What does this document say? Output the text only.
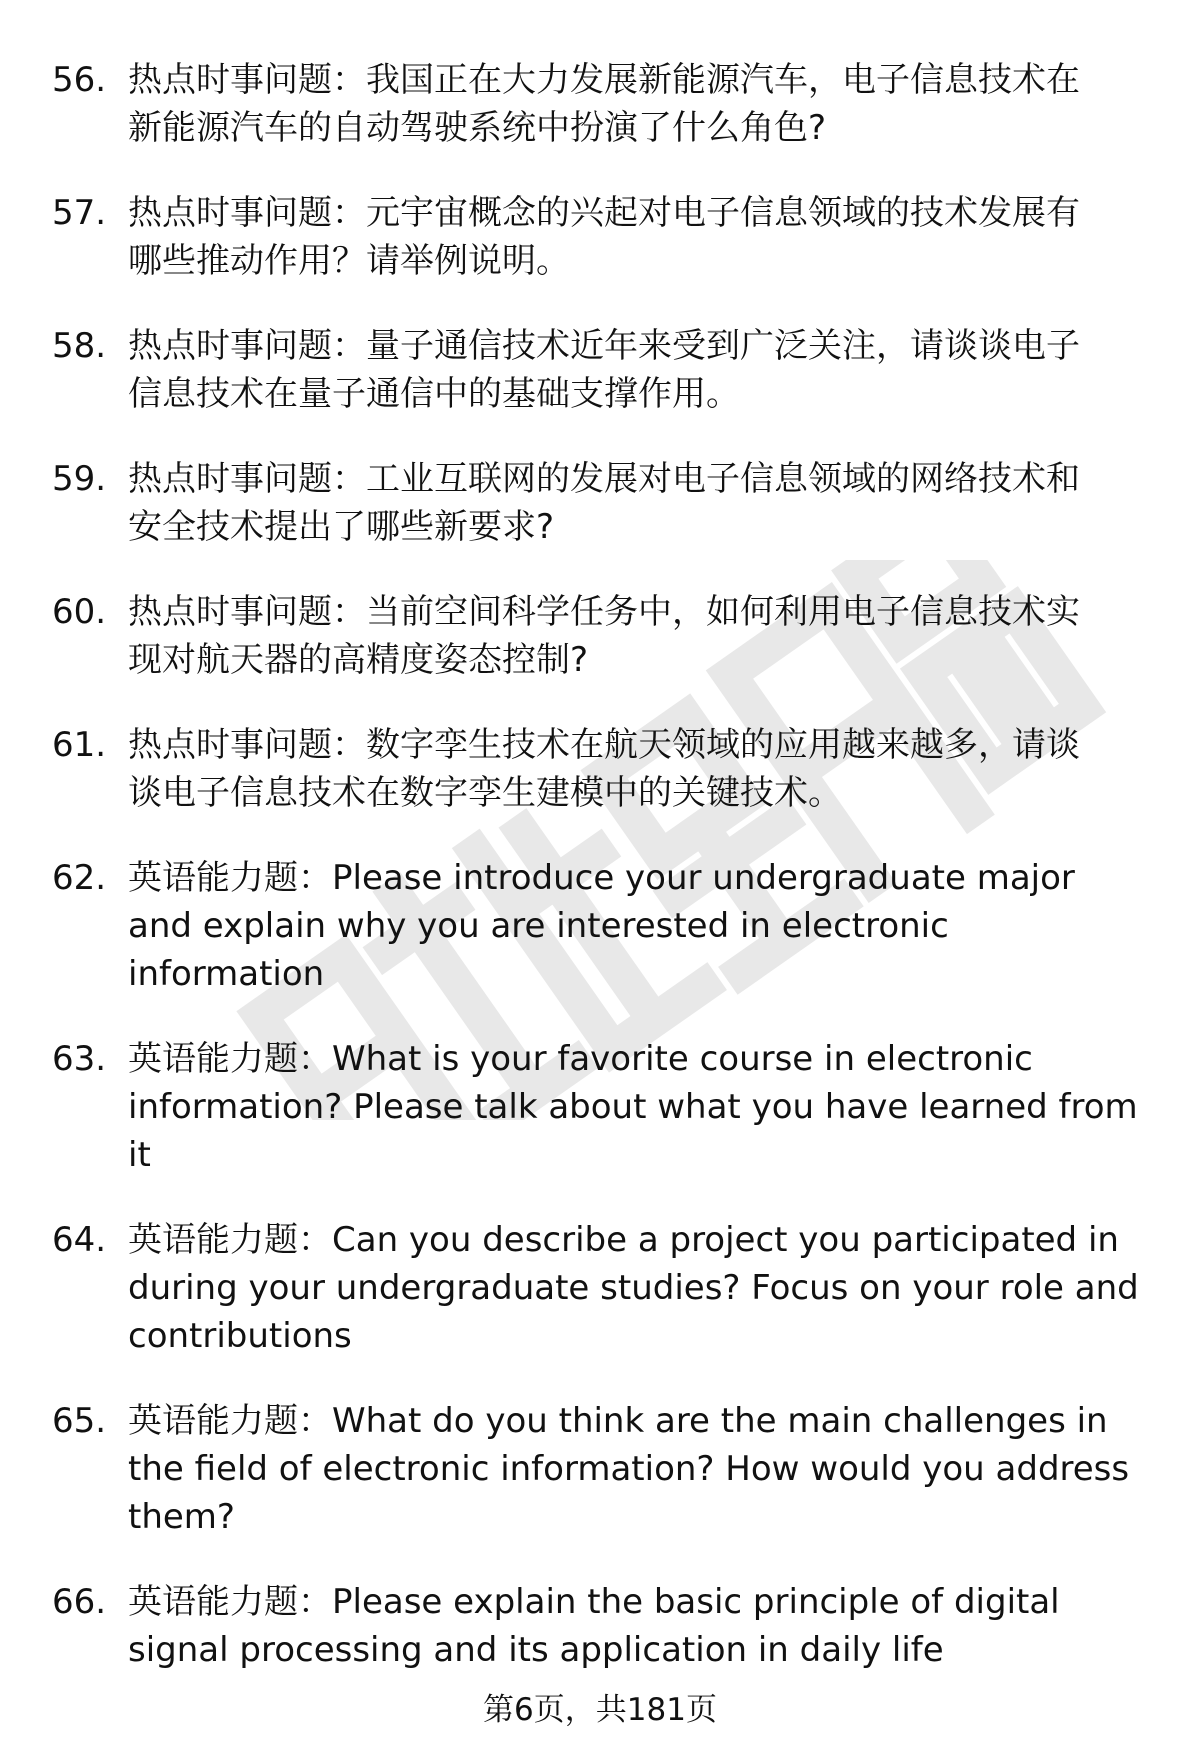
56. 热点时事问题：我国正在大力发展新能源汽车，电子信息技术在
新能源汽车的自动驾驶系统中扮演了什么角色?
57. 热点时事问题：元宇宙概念的兴起对电子信息领域的技术发展有
哪些推动作用？请举例说明。
58. 热点时事问题：量子通信技术近年来受到广泛关注，请谈谈电子
信息技术在量子通信中的基础支撑作用。
59. 热点时事问题：工业互联网的发展对电子信息领域的网络技术和
安全技术提出了哪些新要求?
60. 热点时事问题：当前空间科学任务中，如何利用电子信息技术实
现对航天器的高精度姿态控制?
61. 热点时事问题：数字孪生技术在航天领域的应用越来越多，请谈
谈电子信息技术在数字孪生建模中的关键技术。
62. 英语能力题：Please introduce your undergraduate major
and explain why you are interested in electronic
information
63. 英语能力题：What is your favorite course in electronic
information? Please talk about what you have learned from
it
64. 英语能力题：Can you describe a project you participated in
during your undergraduate studies? Focus on your role and
contributions
65. 英语能力题：What do you think are the main challenges in
the field of electronic information? How would you address
them?
66. 英语能力题：Please explain the basic principle of digital
signal processing and its application in daily life
第6页，共181页
